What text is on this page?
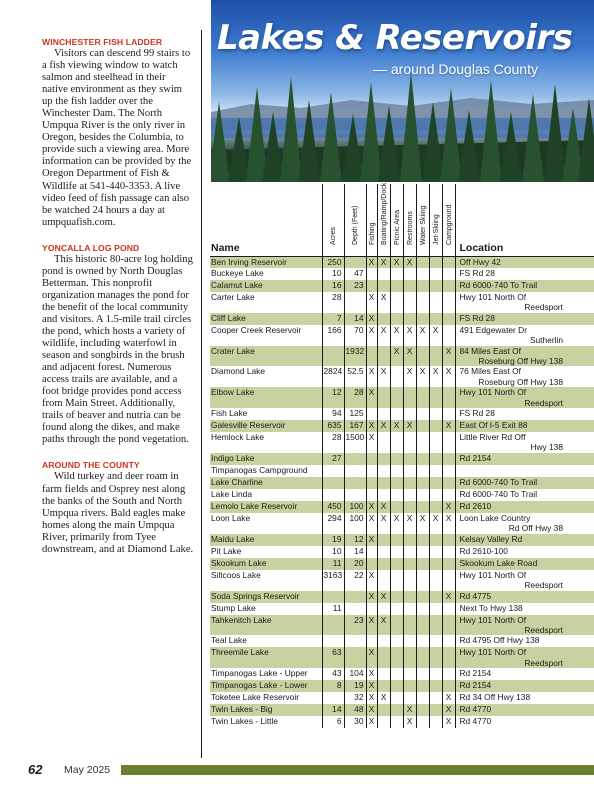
WINCHESTER FISH LADDER
Visitors can descend 99 stairs to a fish viewing window to watch salmon and steelhead in their native environment as they swim up the fish ladder over the Winchester Dam. The North Umpqua River is the only river in Oregon, besides the Columbia, to provide such a viewing area. More information can be provided by the Oregon Department of Fish & Wildlife at 541-440-3353. A live video feed of fish passage can also be watched 24 hours a day at umpquafish.com.
YONCALLA LOG POND
This historic 80-acre log holding pond is owned by North Douglas Betterman. This nonprofit organization manages the pond for the benefit of the local community and visitors. A 1.5-mile trail circles the pond, which hosts a variety of wildlife, including waterfowl in season and songbirds in the brush and adjacent forest. Numerous access trails are available, and a foot bridge provides pond access from Main Street. Additionally, trails of beaver and nutria can be found along the dikes, and make paths through the pond vegetation.
AROUND THE COUNTY
Wild turkey and deer roam in farm fields and Osprey nest along the banks of the South and North Umpqua rivers. Bald eagles make homes along the main Umpqua River, primarily from Tyee downstream, and at Diamond Lake.
Lakes & Reservoirs
— around Douglas County
Name	Acres	Depth (Feet)	Fishing	Boating/Ramp/Dock	Picnic Area	Restrooms	Water Skiing	Jet-Skiing	Campground	Location
Ben Irving Reservoir	250		X	X	X	X				Off Hwy 42
Buckeye Lake	10	47								FS Rd 28
Calamut Lake	16	23								Rd 6000-740 To Trail
Carter Lake	28		X	X						Hwy 101 North Of
Reedsport

Cliff Lake	7	14	X							FS Rd 28
Cooper Creek Reservoir	166	70	X	X	X	X	X	X		491 Edgewater Dr
Sutherlin

Crater Lake		1932			X	X			X	84 Miles East Of
Roseburg Off Hwy 138

Diamond Lake	2824	52.5	X	X		X	X	X	X	76 Miles East Of
Roseburg Off Hwy 138

Elbow Lake	12	28	X							Hwy 101 North Of
Reedsport

Fish Lake	94	125								FS Rd 28
Galesville Reservoir	635	167	X	X	X	X			X	East Of I-5 Exit 88
Hemlock Lake	28	1500	X							Little River Rd Off
Hwy 138

Indigo Lake	27									Rd 2154
Timpanogas Campground										
Lake Charline										Rd 6000-740 To Trail
Lake Linda										Rd 6000-740 To Trail
Lemolo Lake Reservoir	450	100	X	X					X	Rd 2610
Loon Lake	294	100	X	X	X	X	X	X	X	Loon Lake Country
Rd Off Hwy 38

Maidu Lake	19	12	X							Kelsay Valley Rd
Pit Lake	10	14								Rd 2610-100
Skookum Lake	11	20								Skookum Lake Road
Siltcoos Lake	3163	22	X							Hwy 101 North Of
Reedsport

Soda Springs Reservoir			X	X					X	Rd 4775
Stump Lake	11									Next To Hwy 138
Tahkenitch Lake		23	X	X						Hwy 101 North Of
Reedsport

Teal Lake										Rd 4795 Off Hwy 138
Threemile Lake	63		X							Hwy 101 North Of
Reedsport

Timpanogas Lake - Upper	43	104	X							Rd 2154
Timpanogas Lake - Lower	8	19	X							Rd 2154
Toketee Lake Reservoir		32	X	X					X	Rd 34 Off Hwy 138
Twin Lakes - Big	14	48	X			X			X	Rd 4770
Twin Lakes - Little	6	30	X			X			X	Rd 4770
62 May 2025
